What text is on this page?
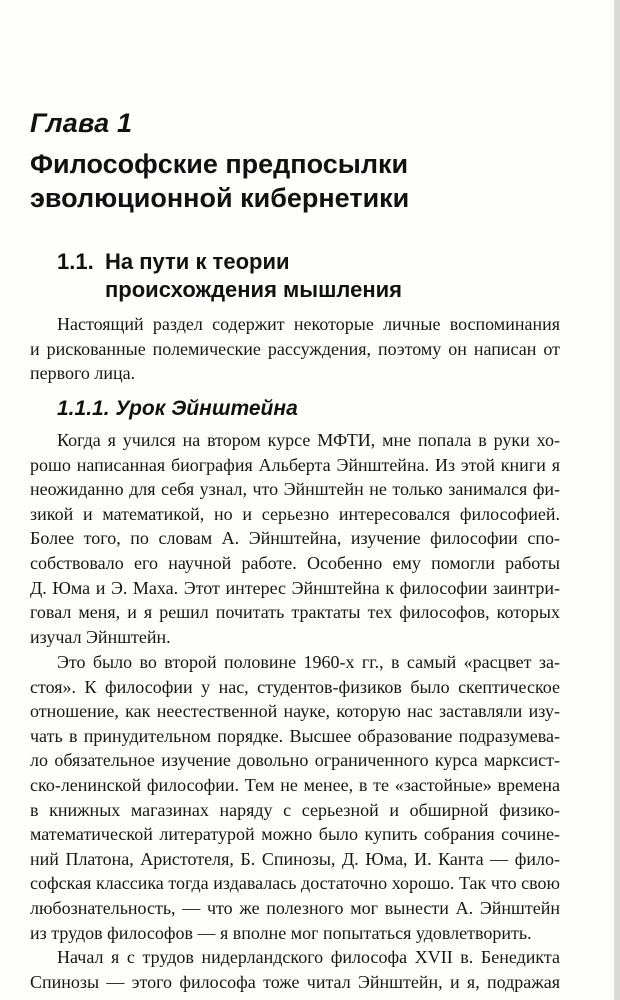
Глава 1
Философские предпосылки
эволюционной кибернетики
1.1. На пути к теории
происхождения мышления
Настоящий раздел содержит некоторые личные воспоминания
и рискованные полемические рассуждения, поэтому он написан от
первого лица.
1.1.1. Урок Эйнштейна
Когда я учился на втором курсе МФТИ, мне попала в руки хо-
рошо написанная биография Альберта Эйнштейна. Из этой книги я
неожиданно для себя узнал, что Эйнштейн не только занимался фи-
зикой и математикой, но и серьезно интересовался философией.
Более того, по словам А. Эйнштейна, изучение философии спо-
собствовало его научной работе. Особенно ему помогли работы
Д. Юма и Э. Маха. Этот интерес Эйнштейна к философии заинтри-
говал меня, и я решил почитать трактаты тех философов, которых
изучал Эйнштейн.
Это было во второй половине 1960-х гг., в самый «расцвет за-
стоя». К философии у нас, студентов-физиков было скептическое
отношение, как неестественной науке, которую нас заставляли изу-
чать в принудительном порядке. Высшее образование подразумева-
ло обязательное изучение довольно ограниченного курса марксист-
ско-ленинской философии. Тем не менее, в те «застойные» времена
в книжных магазинах наряду с серьезной и обширной физико-
математической литературой можно было купить собрания сочине-
ний Платона, Аристотеля, Б. Спинозы, Д. Юма, И. Канта — фило-
софская классика тогда издавалась достаточно хорошо. Так что свою
любознательность, — что же полезного мог вынести А. Эйнштейн
из трудов философов — я вполне мог попытаться удовлетворить.
Начал я с трудов нидерландского философа XVII в. Бенедикта
Спинозы — этого философа тоже читал Эйнштейн, и я, подражая
